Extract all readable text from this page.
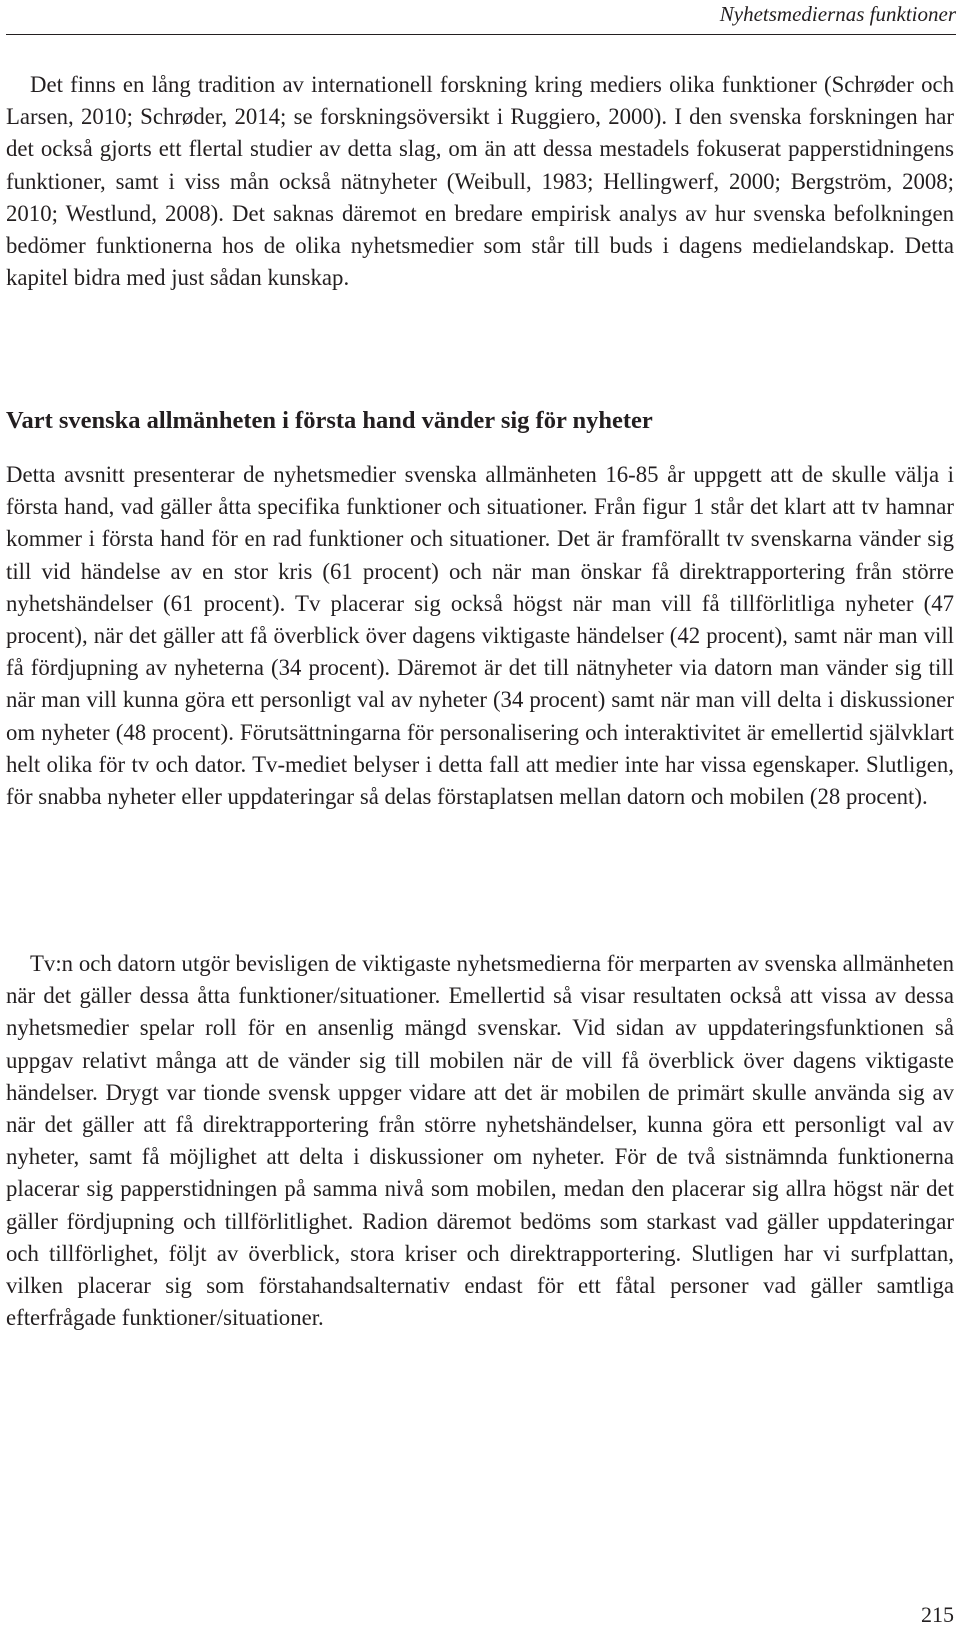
Nyhetsmediernas funktioner

Det finns en lång tradition av internationell forskning kring mediers olika funktioner (Schrøder och Larsen, 2010; Schrøder, 2014; se forskningsöversikt i Ruggiero, 2000). I den svenska forskningen har det också gjorts ett flertal studier av detta slag, om än att dessa mestadels fokuserat papperstidningens funktioner, samt i viss mån också nätnyheter (Weibull, 1983; Hellingwerf, 2000; Bergström, 2008; 2010; Westlund, 2008). Det saknas däremot en bredare empirisk analys av hur svenska befolkningen bedömer funktionerna hos de olika nyhetsmedier som står till buds i dagens medielandskap. Detta kapitel bidra med just sådan kunskap.

Vart svenska allmänheten i första hand vänder sig för nyheter

Detta avsnitt presenterar de nyhetsmedier svenska allmänheten 16-85 år uppgett att de skulle välja i första hand, vad gäller åtta specifika funktioner och situationer. Från figur 1 står det klart att tv hamnar kommer i första hand för en rad funktioner och situationer. Det är framförallt tv svenskarna vänder sig till vid händelse av en stor kris (61 procent) och när man önskar få direktrapportering från större nyhetshändelser (61 procent). Tv placerar sig också högst när man vill få tillförlitliga nyheter (47 procent), när det gäller att få överblick över dagens viktigaste händelser (42 procent), samt när man vill få fördjupning av nyheterna (34 procent). Däremot är det till nätnyheter via datorn man vänder sig till när man vill kunna göra ett personligt val av nyheter (34 procent) samt när man vill delta i diskussioner om nyheter (48 procent). Förutsättningarna för personalisering och interaktivitet är emellertid självklart helt olika för tv och dator. Tv-mediet belyser i detta fall att medier inte har vissa egenskaper. Slutligen, för snabba nyheter eller uppdateringar så delas förstaplatsen mellan datorn och mobilen (28 procent).

Tv:n och datorn utgör bevisligen de viktigaste nyhetsmedierna för merparten av svenska allmänheten när det gäller dessa åtta funktioner/situationer. Emellertid så visar resultaten också att vissa av dessa nyhetsmedier spelar roll för en ansenlig mängd svenskar. Vid sidan av uppdateringsfunktionen så uppgav relativt många att de vänder sig till mobilen när de vill få överblick över dagens viktigaste händelser. Drygt var tionde svensk uppger vidare att det är mobilen de primärt skulle använda sig av när det gäller att få direktrapportering från större nyhetshändelser, kunna göra ett personligt val av nyheter, samt få möjlighet att delta i diskussioner om nyheter. För de två sistnämnda funktionerna placerar sig papperstidningen på samma nivå som mobilen, medan den placerar sig allra högst när det gäller fördjupning och tillförlitlighet. Radion däremot bedöms som starkast vad gäller uppdateringar och tillförlighet, följt av överblick, stora kriser och direktrapportering. Slutligen har vi surfplattan, vilken placerar sig som förstahandsalternativ endast för ett fåtal personer vad gäller samtliga efterfrågade funktioner/situationer.

215
